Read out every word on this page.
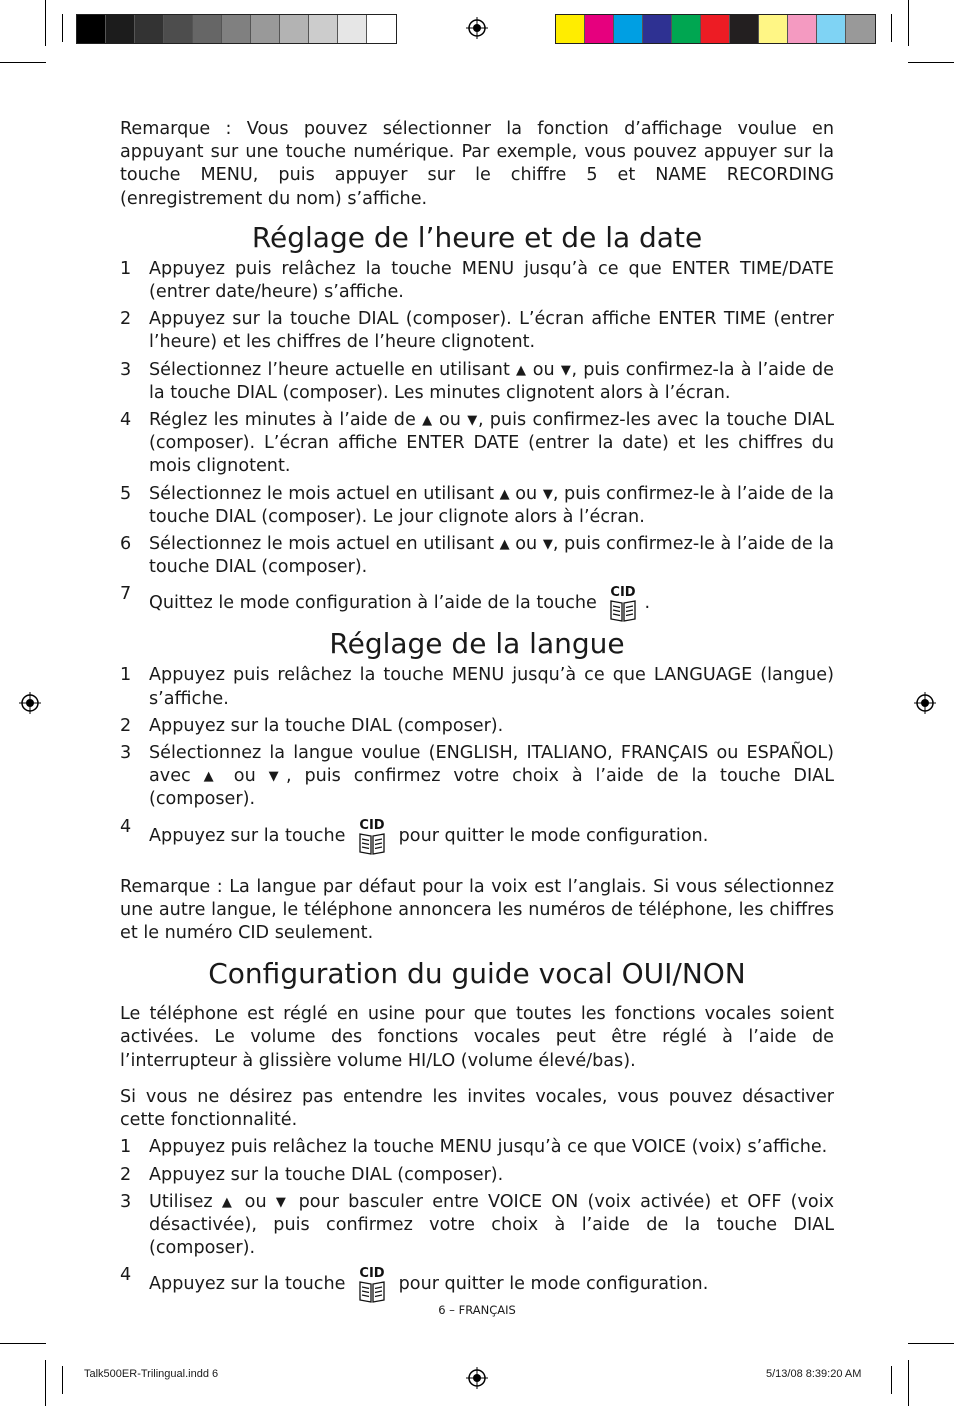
Remarque : Vous pouvez sélectionner la fonction d’affichage voulue en appuyant sur une touche numérique. Par exemple, vous pouvez appuyer sur la touche MENU, puis appuyer sur le chiffre 5 et NAME RECORDING (enregistrement du nom) s’affiche.

Réglage de l’heure et de la date
1 Appuyez puis relâchez la touche MENU jusqu’à ce que ENTER TIME/DATE (entrer date/heure) s’affiche.
2 Appuyez sur la touche DIAL (composer). L’écran affiche ENTER TIME (entrer l’heure) et les chiffres de l’heure clignotent.
3 Sélectionnez l’heure actuelle en utilisant ▲ ou ▼, puis confirmez-la à l’aide de la touche DIAL (composer). Les minutes clignotent alors à l’écran.
4 Réglez les minutes à l’aide de ▲ ou ▼, puis confirmez-les avec la touche DIAL (composer). L’écran affiche ENTER DATE (entrer la date) et les chiffres du mois clignotent.
5 Sélectionnez le mois actuel en utilisant ▲ ou ▼, puis confirmez-le à l’aide de la touche DIAL (composer). Le jour clignote alors à l’écran.
6 Sélectionnez le mois actuel en utilisant ▲ ou ▼, puis confirmez-le à l’aide de la touche DIAL (composer).
7 Quittez le mode configuration à l’aide de la touche
CID
.
Réglage de la langue
1 Appuyez puis relâchez la touche MENU jusqu’à ce que LANGUAGE (langue) s’affiche.
2 Appuyez sur la touche DIAL (composer).
3 Sélectionnez la langue voulue (ENGLISH, ITALIANO, FRANÇAIS ou ESPAÑOL) avec ▲ ou ▼, puis confirmez votre choix à l’aide de la touche DIAL (composer).
4 Appuyez sur la touche
CID
pour quitter le mode configuration.

Remarque : La langue par défaut pour la voix est l’anglais. Si vous sélectionnez une autre langue, le téléphone annoncera les numéros de téléphone, les chiffres et le numéro CID seulement.

Configuration du guide vocal OUI/NON

Le téléphone est réglé en usine pour que toutes les fonctions vocales soient activées. Le volume des fonctions vocales peut être réglé à l’aide de l’interrupteur à glissière volume HI/LO (volume élevé/bas).

Si vous ne désirez pas entendre les invites vocales, vous pouvez désactiver cette fonctionnalité.

1 Appuyez puis relâchez la touche MENU jusqu’à ce que VOICE (voix) s’affiche.
2 Appuyez sur la touche DIAL (composer).
3 Utilisez ▲ ou ▼ pour basculer entre VOICE ON (voix activée) et OFF (voix désactivée), puis confirmez votre choix à l’aide de la touche DIAL (composer).
4 Appuyez sur la touche
CID
pour quitter le mode configuration.
6 – FRANÇAIS
Talk500ER-Trilingual.indd 6	5/13/08 8:39:20 AM
